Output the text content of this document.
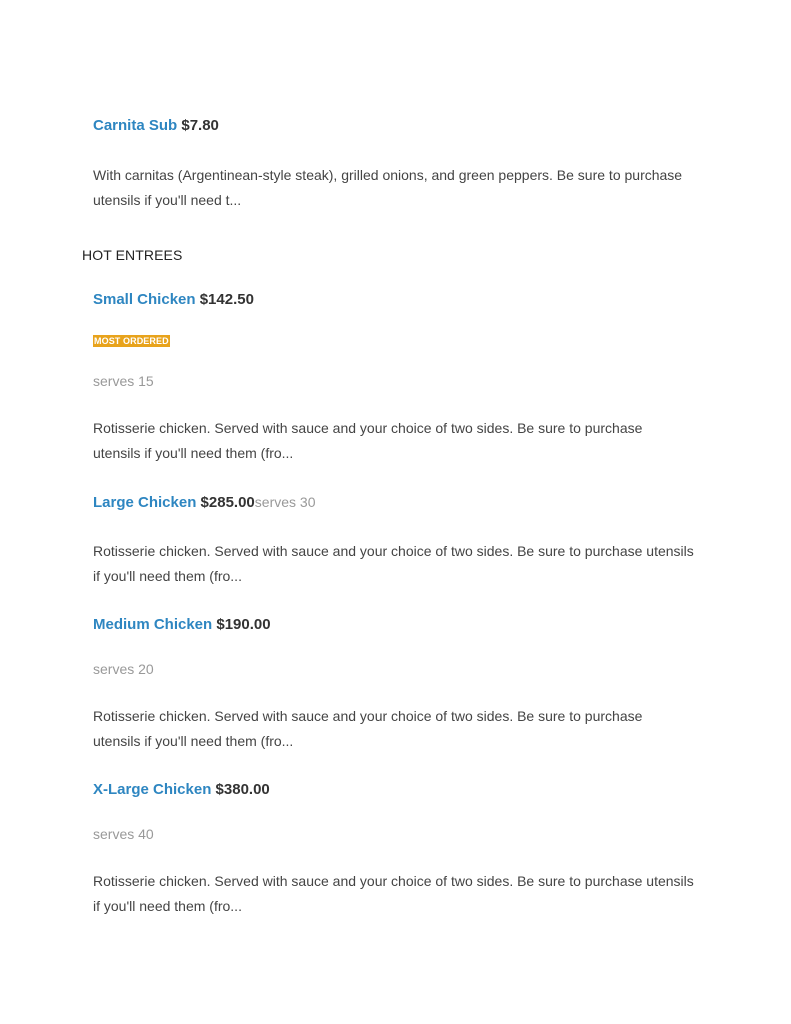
Carnita Sub $7.80
With carnitas (Argentinean-style steak), grilled onions, and green peppers. Be sure to purchase utensils if you'll need t...
HOT ENTREES
Small Chicken $142.50
MOST ORDERED
serves 15
Rotisserie chicken. Served with sauce and your choice of two sides. Be sure to purchase utensils if you'll need them (fro...
Large Chicken $285.00serves 30
Rotisserie chicken. Served with sauce and your choice of two sides. Be sure to purchase utensils if you'll need them (fro...
Medium Chicken $190.00
serves 20
Rotisserie chicken. Served with sauce and your choice of two sides. Be sure to purchase utensils if you'll need them (fro...
X-Large Chicken $380.00
serves 40
Rotisserie chicken. Served with sauce and your choice of two sides. Be sure to purchase utensils if you'll need them (fro...
